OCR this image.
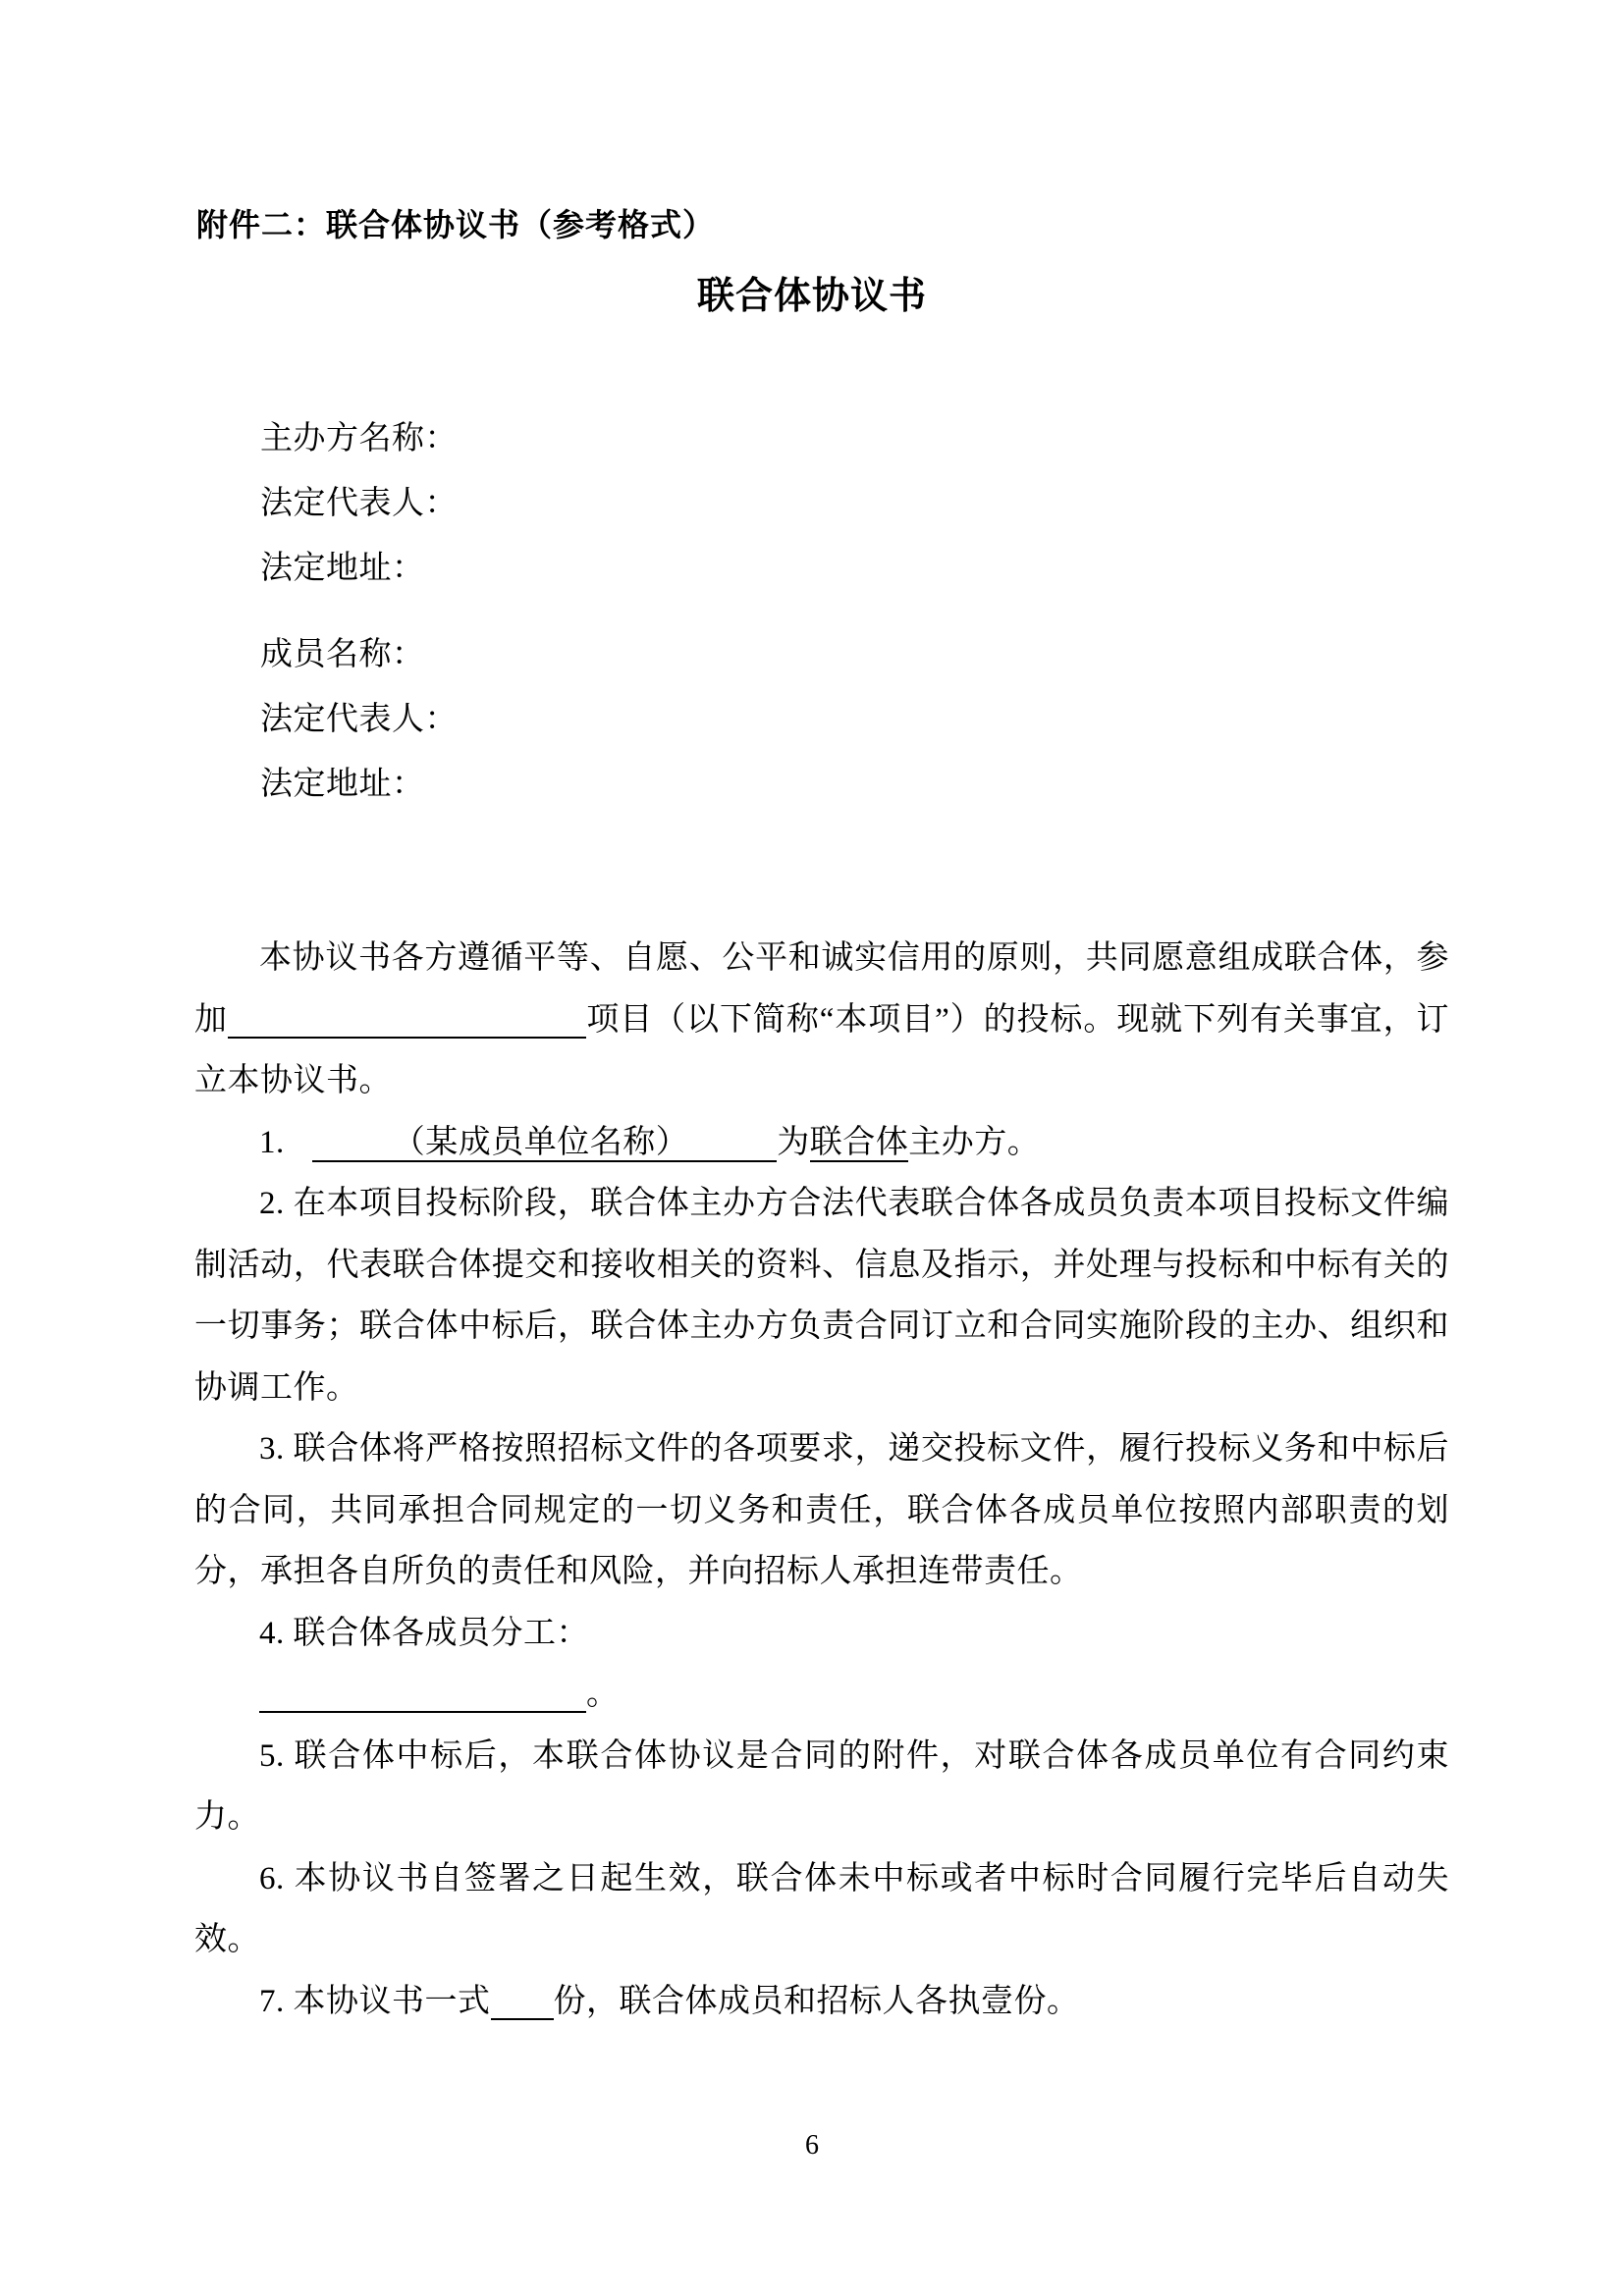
附件二：联合体协议书（参考格式）
联合体协议书
主办方名称：
法定代表人：
法定地址：
成员名称：
法定代表人：
法定地址：

本协议书各方遵循平等、自愿、公平和诚实信用的原则，共同愿意组成联合体，参加	项目（以下简称“本项目”）的投标。现就下列有关事宜，订立本协议书。

1.	（某成员单位名称）	为联合体主办方。

2. 在本项目投标阶段，联合体主办方合法代表联合体各成员负责本项目投标文件编制活动，代表联合体提交和接收相关的资料、信息及指示，并处理与投标和中标有关的一切事务；联合体中标后，联合体主办方负责合同订立和合同实施阶段的主办、组织和协调工作。

3. 联合体将严格按照招标文件的各项要求，递交投标文件，履行投标义务和中标后的合同，共同承担合同规定的一切义务和责任，联合体各成员单位按照内部职责的划分，承担各自所负的责任和风险，并向招标人承担连带责任。

4. 联合体各成员分工：

。

5. 联合体中标后，本联合体协议是合同的附件，对联合体各成员单位有合同约束力。

6. 本协议书自签署之日起生效，联合体未中标或者中标时合同履行完毕后自动失效。

7. 本协议书一式 份，联合体成员和招标人各执壹份。

6
